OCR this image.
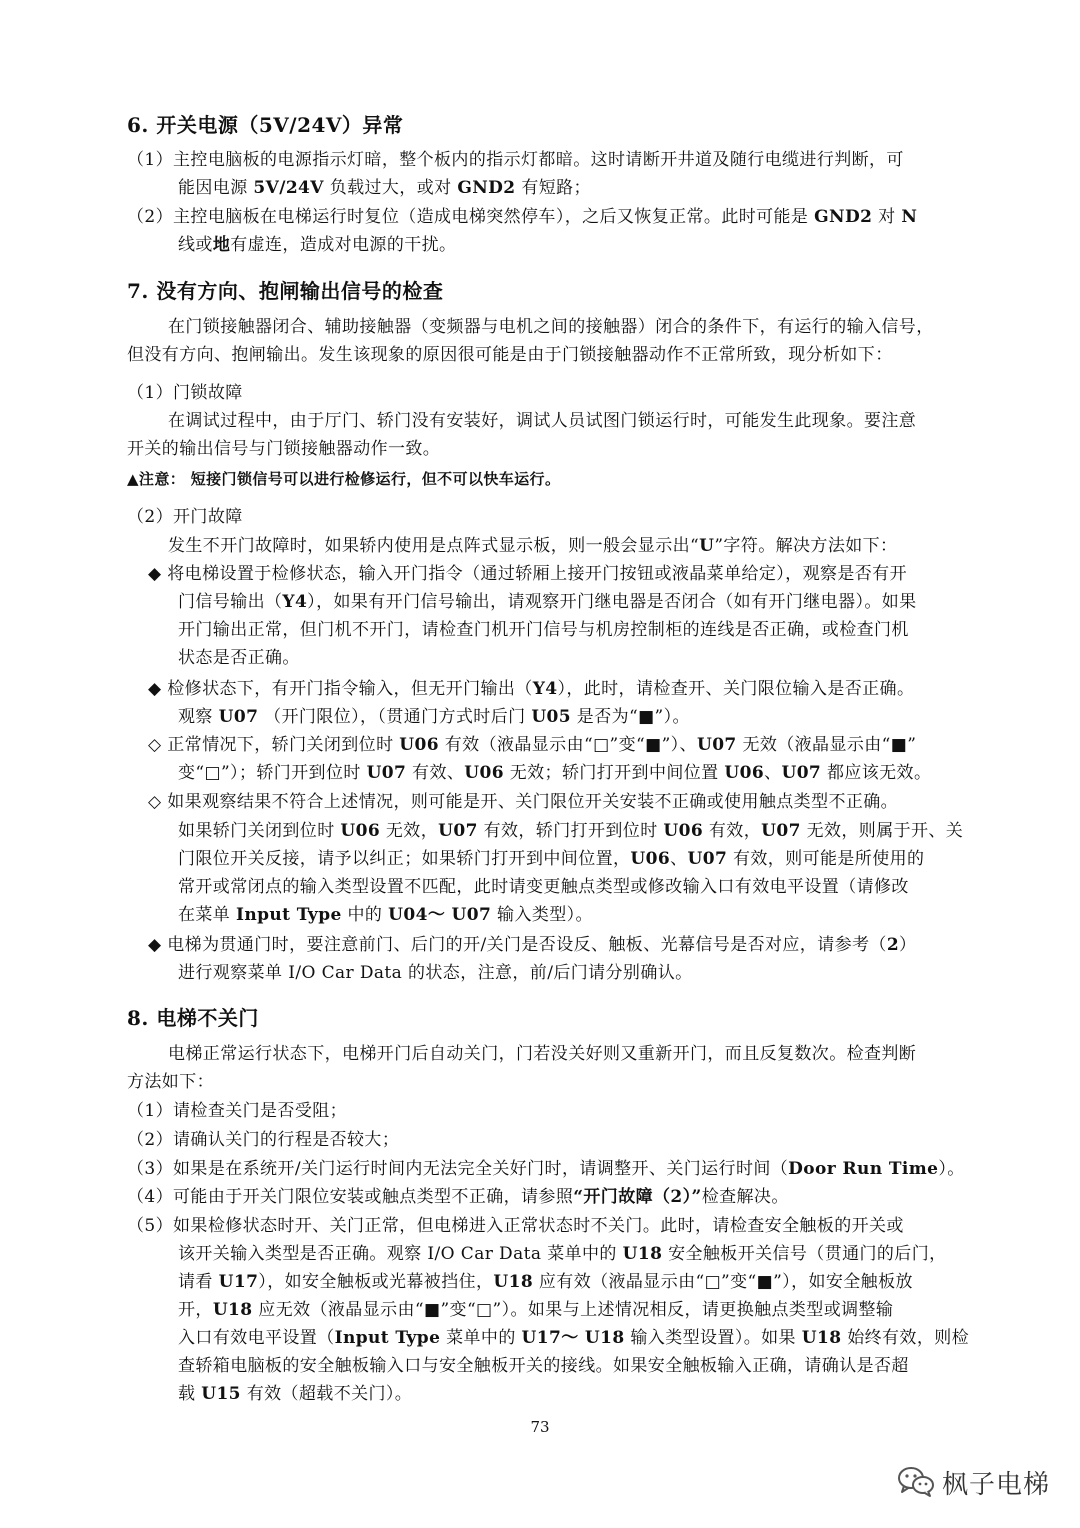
6. 开关电源（5V/24V）异常
（1）主控电脑板的电源指示灯暗，整个板内的指示灯都暗。这时请断开井道及随行电缆进行判断，可
能因电源 5V/24V 负载过大，或对 GND2 有短路；
（2）主控电脑板在电梯运行时复位（造成电梯突然停车），之后又恢复正常。此时可能是 GND2 对 N
线或地有虚连，造成对电源的干扰。
7. 没有方向、抱闸输出信号的检查
在门锁接触器闭合、辅助接触器（变频器与电机之间的接触器）闭合的条件下，有运行的输入信号，
但没有方向、抱闸输出。发生该现象的原因很可能是由于门锁接触器动作不正常所致，现分析如下：
（1）门锁故障
在调试过程中，由于厅门、轿门没有安装好，调试人员试图门锁运行时，可能发生此现象。要注意
开关的输出信号与门锁接触器动作一致。
▲注意： 短接门锁信号可以进行检修运行，但不可以快车运行。
（2）开门故障
发生不开门故障时，如果轿内使用是点阵式显示板，则一般会显示出“U”字符。解决方法如下：
◆ 将电梯设置于检修状态，输入开门指令（通过轿厢上接开门按钮或液晶菜单给定），观察是否有开
门信号输出（Y4），如果有开门信号输出，请观察开门继电器是否闭合（如有开门继电器）。如果
开门输出正常，但门机不开门，请检查门机开门信号与机房控制柜的连线是否正确，或检查门机
状态是否正确。
◆ 检修状态下，有开门指令输入，但无开门输出（Y4），此时，请检查开、关门限位输入是否正确。
观察 U07 （开门限位），（贯通门方式时后门 U05 是否为“■”）。
◇ 正常情况下，轿门关闭到位时 U06 有效（液晶显示由“□”变“■”）、U07 无效（液晶显示由“■”
变“□”）；轿门开到位时 U07 有效、U06 无效；轿门打开到中间位置 U06、U07 都应该无效。
◇ 如果观察结果不符合上述情况，则可能是开、关门限位开关安装不正确或使用触点类型不正确。
如果轿门关闭到位时 U06 无效，U07 有效，轿门打开到位时 U06 有效，U07 无效，则属于开、关
门限位开关反接，请予以纠正；如果轿门打开到中间位置，U06、U07 有效，则可能是所使用的
常开或常闭点的输入类型设置不匹配，此时请变更触点类型或修改输入口有效电平设置（请修改
在菜单 Input Type 中的 U04～ U07 输入类型）。
◆ 电梯为贯通门时，要注意前门、后门的开/关门是否设反、触板、光幕信号是否对应，请参考（2）
进行观察菜单 I/O Car Data 的状态，注意，前/后门请分别确认。
8. 电梯不关门
电梯正常运行状态下，电梯开门后自动关门，门若没关好则又重新开门，而且反复数次。检查判断
方法如下：
（1）请检查关门是否受阻；
（2）请确认关门的行程是否较大；
（3）如果是在系统开/关门运行时间内无法完全关好门时，请调整开、关门运行时间（Door Run Time）。
（4）可能由于开关门限位安装或触点类型不正确，请参照“开门故障（2）”检查解决。
（5）如果检修状态时开、关门正常，但电梯进入正常状态时不关门。此时，请检查安全触板的开关或
该开关输入类型是否正确。观察 I/O Car Data 菜单中的 U18 安全触板开关信号（贯通门的后门，
请看 U17），如安全触板或光幕被挡住，U18 应有效（液晶显示由“□”变“■”），如安全触板放
开，U18 应无效（液晶显示由“■”变“□”）。如果与上述情况相反，请更换触点类型或调整输
入口有效电平设置（Input Type 菜单中的 U17～ U18 输入类型设置）。如果 U18 始终有效，则检
查轿箱电脑板的安全触板输入口与安全触板开关的接线。如果安全触板输入正确，请确认是否超
载 U15 有效（超载不关门）。
73
枫子电梯
